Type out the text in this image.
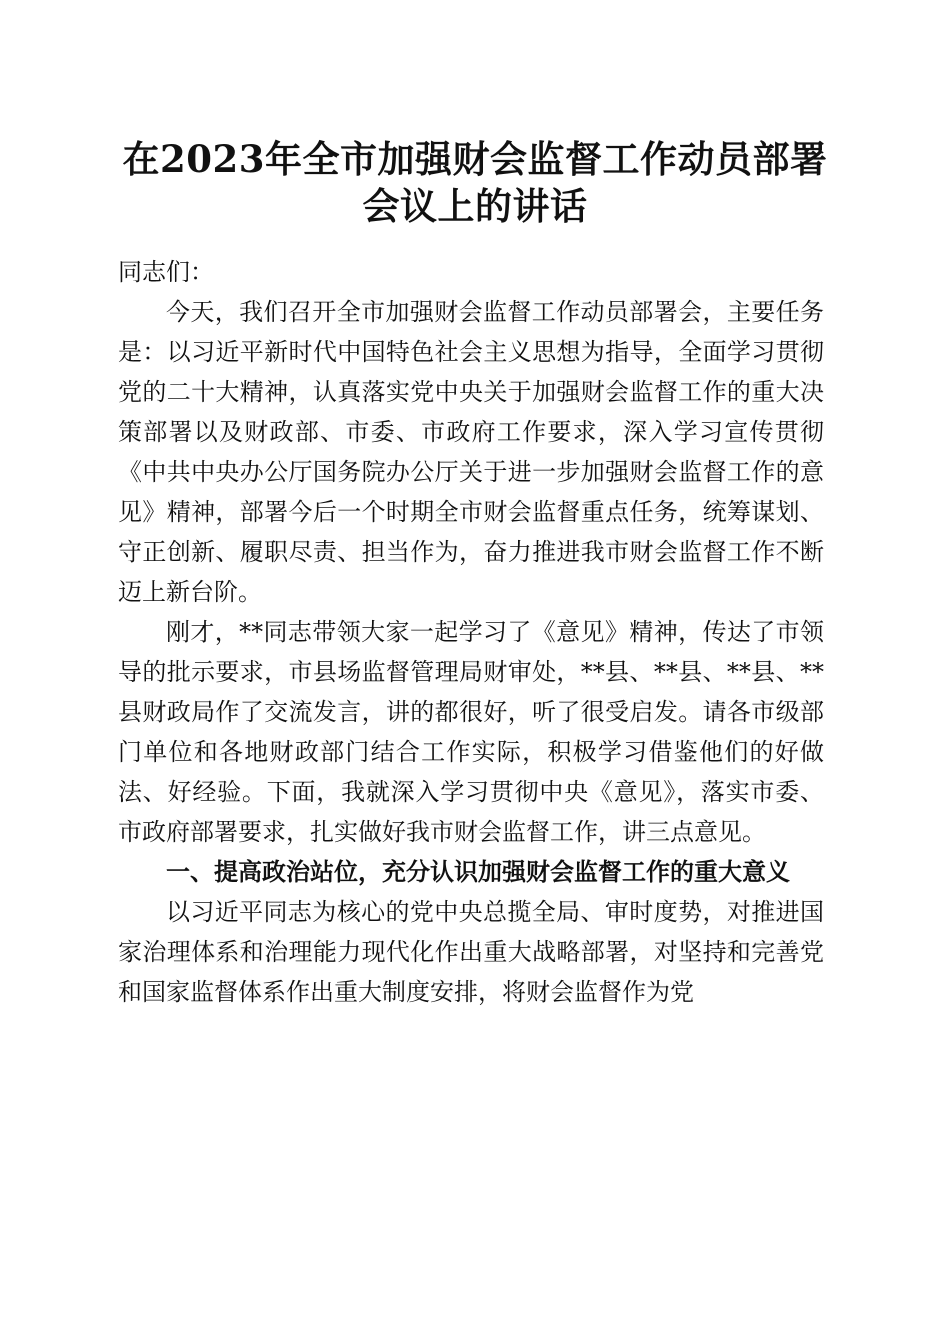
在2023年全市加强财会监督工作动员部署会议上的讲话

同志们：

今天，我们召开全市加强财会监督工作动员部署会，主要任务是：以习近平新时代中国特色社会主义思想为指导，全面学习贯彻党的二十大精神，认真落实党中央关于加强财会监督工作的重大决策部署以及财政部、市委、市政府工作要求，深入学习宣传贯彻《中共中央办公厅国务院办公厅关于进一步加强财会监督工作的意见》精神，部署今后一个时期全市财会监督重点任务，统筹谋划、守正创新、履职尽责、担当作为，奋力推进我市财会监督工作不断迈上新台阶。

刚才，**同志带领大家一起学习了《意见》精神，传达了市领导的批示要求，市县场监督管理局财审处，**县、**县、**县、**县财政局作了交流发言，讲的都很好，听了很受启发。请各市级部门单位和各地财政部门结合工作实际，积极学习借鉴他们的好做法、好经验。下面，我就深入学习贯彻中央《意见》，落实市委、市政府部署要求，扎实做好我市财会监督工作，讲三点意见。

一、提高政治站位，充分认识加强财会监督工作的重大意义

以习近平同志为核心的党中央总揽全局、审时度势，对推进国家治理体系和治理能力现代化作出重大战略部署，对坚持和完善党和国家监督体系作出重大制度安排，将财会监督作为党
